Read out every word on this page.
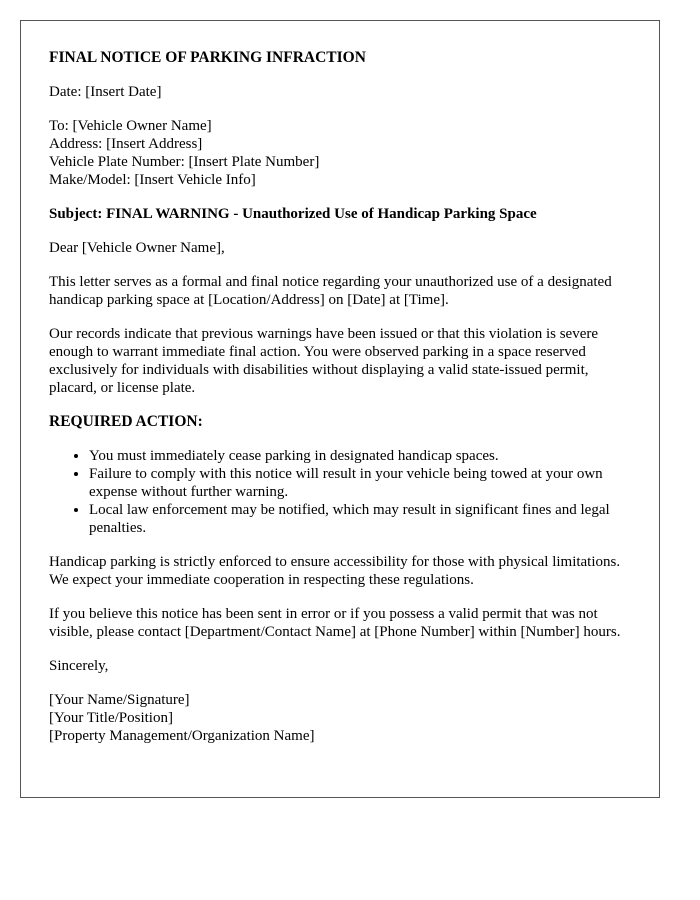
FINAL NOTICE OF PARKING INFRACTION

Date: [Insert Date]

To: [Vehicle Owner Name]
Address: [Insert Address]
Vehicle Plate Number: [Insert Plate Number]
Make/Model: [Insert Vehicle Info]

Subject: FINAL WARNING - Unauthorized Use of Handicap Parking Space

Dear [Vehicle Owner Name],

This letter serves as a formal and final notice regarding your unauthorized use of a designated handicap parking space at [Location/Address] on [Date] at [Time].

Our records indicate that previous warnings have been issued or that this violation is severe enough to warrant immediate final action. You were observed parking in a space reserved exclusively for individuals with disabilities without displaying a valid state-issued permit, placard, or license plate.

REQUIRED ACTION:

• You must immediately cease parking in designated handicap spaces.
• Failure to comply with this notice will result in your vehicle being towed at your own expense without further warning.
• Local law enforcement may be notified, which may result in significant fines and legal penalties.

Handicap parking is strictly enforced to ensure accessibility for those with physical limitations. We expect your immediate cooperation in respecting these regulations.

If you believe this notice has been sent in error or if you possess a valid permit that was not visible, please contact [Department/Contact Name] at [Phone Number] within [Number] hours.

Sincerely,

[Your Name/Signature]
[Your Title/Position]
[Property Management/Organization Name]
